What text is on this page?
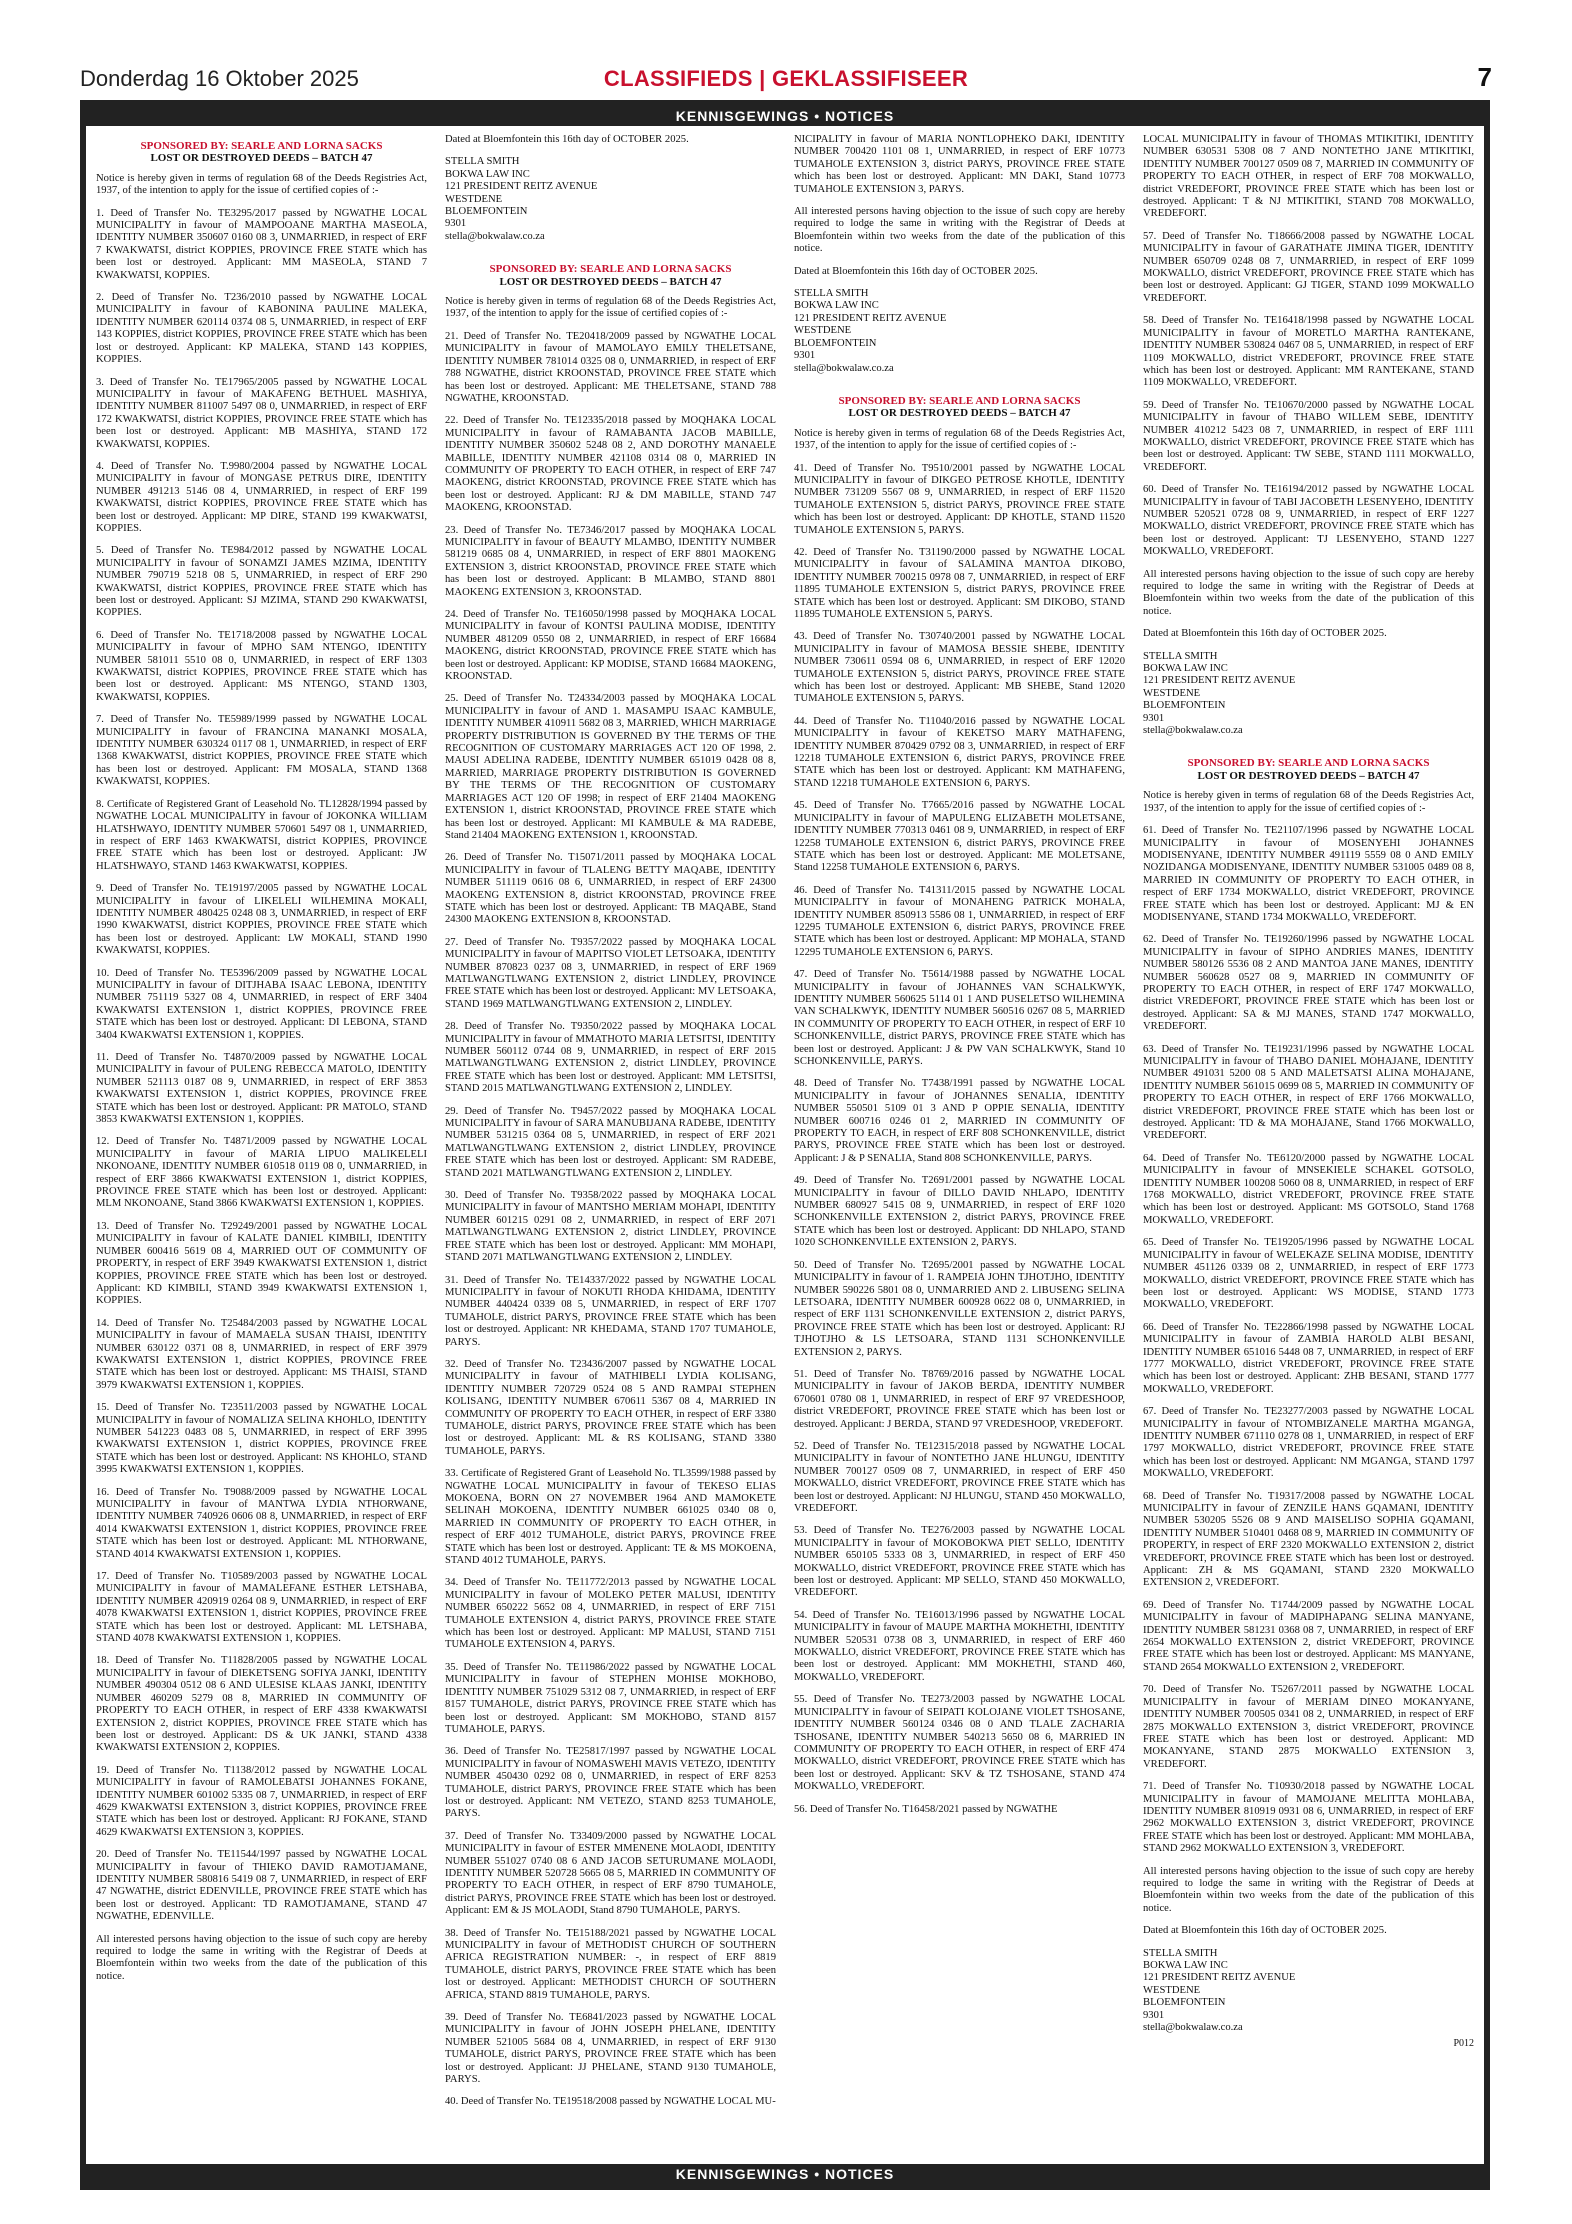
Donderdag 16 Oktober 2025	CLASSIFIEDS | GEKLASSIFISEER	7
KENNISGEWINGS • NOTICES
SPONSORED BY: SEARLE AND LORNA SACKS
LOST OR DESTROYED DEEDS – BATCH 47
Notice is hereby given in terms of regulation 68 of the Deeds Registries Act, 1937, of the intention to apply for the issue of certified copies of :-
1. Deed of Transfer No. TE3295/2017 passed by NGWATHE LOCAL MUNICIPALITY in favour of MAMPOOANE MARTHA MASEOLA, IDENTITY NUMBER 350607 0160 08 3, UNMARRIED, in respect of ERF 7 KWAKWATSI, district KOPPIES, PROVINCE FREE STATE which has been lost or destroyed. Applicant: MM MASEOLA, STAND 7 KWAKWATSI, KOPPIES.
2. Deed of Transfer No. T236/2010 passed by NGWATHE LOCAL MUNICIPALITY in favour of KABONINA PAULINE MALEKA, IDENTITY NUMBER 620114 0374 08 5, UNMARRIED, in respect of ERF 143 KOPPIES, district KOPPIES, PROVINCE FREE STATE which has been lost or destroyed. Applicant: KP MALEKA, STAND 143 KOPPIES, KOPPIES.
3. Deed of Transfer No. TE17965/2005 passed by NGWATHE LOCAL MUNICIPALITY in favour of MAKAFENG BETHUEL MASHIYA, IDENTITY NUMBER 811007 5497 08 0, UNMARRIED, in respect of ERF 172 KWAKWATSI, district KOPPIES, PROVINCE FREE STATE which has been lost or destroyed. Applicant: MB MASHIYA, STAND 172 KWAKWATSI, KOPPIES.
4. Deed of Transfer No. T.9980/2004 passed by NGWATHE LOCAL MUNICIPALITY in favour of MONGASE PETRUS DIRE, IDENTITY NUMBER 491213 5146 08 4, UNMARRIED, in respect of ERF 199 KWAKWATSI, district KOPPIES, PROVINCE FREE STATE which has been lost or destroyed. Applicant: MP DIRE, STAND 199 KWAKWATSI, KOPPIES.
5. Deed of Transfer No. TE984/2012 passed by NGWATHE LOCAL MUNICIPALITY in favour of SONAMZI JAMES MZIMA, IDENTITY NUMBER 790719 5218 08 5, UNMARRIED, in respect of ERF 290 KWAKWATSI, district KOPPIES, PROVINCE FREE STATE which has been lost or destroyed. Applicant: SJ MZIMA, STAND 290 KWAKWATSI, KOPPIES.
6. Deed of Transfer No. TE1718/2008 passed by NGWATHE LOCAL MUNICIPALITY in favour of MPHO SAM NTENGO, IDENTITY NUMBER 581011 5510 08 0, UNMARRIED, in respect of ERF 1303 KWAKWATSI, district KOPPIES, PROVINCE FREE STATE which has been lost or destroyed. Applicant: MS NTENGO, STAND 1303, KWAKWATSI, KOPPIES.
7. Deed of Transfer No. TE5989/1999 passed by NGWATHE LOCAL MUNICIPALITY in favour of FRANCINA MANANKI MOSALA, IDENTITY NUMBER 630324 0117 08 1, UNMARRIED, in respect of ERF 1368 KWAKWATSI, district KOPPIES, PROVINCE FREE STATE which has been lost or destroyed. Applicant: FM MOSALA, STAND 1368 KWAKWATSI, KOPPIES.
8. Certificate of Registered Grant of Leasehold No. TL12828/1994 passed by NGWATHE LOCAL MUNICIPALITY in favour of JOKONKA WILLIAM HLATSHWAYO, IDENTITY NUMBER 570601 5497 08 1, UNMARRIED, in respect of ERF 1463 KWAKWATSI, district KOPPIES, PROVINCE FREE STATE which has been lost or destroyed. Applicant: JW HLATSHWAYO, STAND 1463 KWAKWATSI, KOPPIES.
9. Deed of Transfer No. TE19197/2005 passed by NGWATHE LOCAL MUNICIPALITY in favour of LIKELELI WILHEMINA MOKALI, IDENTITY NUMBER 480425 0248 08 3, UNMARRIED, in respect of ERF 1990 KWAKWATSI, district KOPPIES, PROVINCE FREE STATE which has been lost or destroyed. Applicant: LW MOKALI, STAND 1990 KWAKWATSI, KOPPIES.
10. Deed of Transfer No. TE5396/2009 passed by NGWATHE LOCAL MUNICIPALITY in favour of DITJHABA ISAAC LEBONA, IDENTITY NUMBER 751119 5327 08 4, UNMARRIED, in respect of ERF 3404 KWAKWATSI EXTENSION 1, district KOPPIES, PROVINCE FREE STATE which has been lost or destroyed. Applicant: DI LEBONA, STAND 3404 KWAKWATSI EXTENSION 1, KOPPIES.
11. Deed of Transfer No. T4870/2009 passed by NGWATHE LOCAL MUNICIPALITY in favour of PULENG REBECCA MATOLO, IDENTITY NUMBER 521113 0187 08 9, UNMARRIED, in respect of ERF 3853 KWAKWATSI EXTENSION 1, district KOPPIES, PROVINCE FREE STATE which has been lost or destroyed. Applicant: PR MATOLO, STAND 3853 KWAKWATSI EXTENSION 1, KOPPIES.
12. Deed of Transfer No. T4871/2009 passed by NGWATHE LOCAL MUNICIPALITY in favour of MARIA LIPUO MALIKELELI NKONOANE, IDENTITY NUMBER 610518 0119 08 0, UNMARRIED, in respect of ERF 3866 KWAKWATSI EXTENSION 1, district KOPPIES, PROVINCE FREE STATE which has been lost or destroyed. Applicant: MLM NKONOANE, Stand 3866 KWAKWATSI EXTENSION 1, KOPPIES.
13. Deed of Transfer No. T29249/2001 passed by NGWATHE LOCAL MUNICIPALITY in favour of KALATE DANIEL KIMBILI, IDENTITY NUMBER 600416 5619 08 4, MARRIED OUT OF COMMUNITY OF PROPERTY, in respect of ERF 3949 KWAKWATSI EXTENSION 1, district KOPPIES, PROVINCE FREE STATE which has been lost or destroyed. Applicant: KD KIMBILI, STAND 3949 KWAKWATSI EXTENSION 1, KOPPIES.
14. Deed of Transfer No. T25484/2003 passed by NGWATHE LOCAL MUNICIPALITY in favour of MAMAELA SUSAN THAISI, IDENTITY NUMBER 630122 0371 08 8, UNMARRIED, in respect of ERF 3979 KWAKWATSI EXTENSION 1, district KOPPIES, PROVINCE FREE STATE which has been lost or destroyed. Applicant: MS THAISI, STAND 3979 KWAKWATSI EXTENSION 1, KOPPIES.
15. Deed of Transfer No. T23511/2003 passed by NGWATHE LOCAL MUNICIPALITY in favour of NOMALIZA SELINA KHOHLO, IDENTITY NUMBER 541223 0483 08 5, UNMARRIED, in respect of ERF 3995 KWAKWATSI EXTENSION 1, district KOPPIES, PROVINCE FREE STATE which has been lost or destroyed. Applicant: NS KHOHLO, STAND 3995 KWAKWATSI EXTENSION 1, KOPPIES.
16. Deed of Transfer No. T9088/2009 passed by NGWATHE LOCAL MUNICIPALITY in favour of MANTWA LYDIA NTHORWANE, IDENTITY NUMBER 740926 0606 08 8, UNMARRIED, in respect of ERF 4014 KWAKWATSI EXTENSION 1, district KOPPIES, PROVINCE FREE STATE which has been lost or destroyed. Applicant: ML NTHORWANE, STAND 4014 KWAKWATSI EXTENSION 1, KOPPIES.
17. Deed of Transfer No. T10589/2003 passed by NGWATHE LOCAL MUNICIPALITY in favour of MAMALEFANE ESTHER LETSHABA, IDENTITY NUMBER 420919 0264 08 9, UNMARRIED, in respect of ERF 4078 KWAKWATSI EXTENSION 1, district KOPPIES, PROVINCE FREE STATE which has been lost or destroyed. Applicant: ML LETSHABA, STAND 4078 KWAKWATSI EXTENSION 1, KOPPIES.
18. Deed of Transfer No. T11828/2005 passed by NGWATHE LOCAL MUNICIPALITY in favour of DIEKETSENG SOFIYA JANKI, IDENTITY NUMBER 490304 0512 08 6 AND ULESISE KLAAS JANKI, IDENTITY NUMBER 460209 5279 08 8, MARRIED IN COMMUNITY OF PROPERTY TO EACH OTHER, in respect of ERF 4338 KWAKWATSI EXTENSION 2, district KOPPIES, PROVINCE FREE STATE which has been lost or destroyed. Applicant: DS & UK JANKI, STAND 4338 KWAKWATSI EXTENSION 2, KOPPIES.
19. Deed of Transfer No. T1138/2012 passed by NGWATHE LOCAL MUNICIPALITY in favour of RAMOLEBATSI JOHANNES FOKANE, IDENTITY NUMBER 601002 5335 08 7, UNMARRIED, in respect of ERF 4629 KWAKWATSI EXTENSION 3, district KOPPIES, PROVINCE FREE STATE which has been lost or destroyed. Applicant: RJ FOKANE, STAND 4629 KWAKWATSI EXTENSION 3, KOPPIES.
20. Deed of Transfer No. TE11544/1997 passed by NGWATHE LOCAL MUNICIPALITY in favour of THIEKO DAVID RAMOTJAMANE, IDENTITY NUMBER 580816 5419 08 7, UNMARRIED, in respect of ERF 47 NGWATHE, district EDENVILLE, PROVINCE FREE STATE which has been lost or destroyed. Applicant: TD RAMOTJAMANE, STAND 47 NGWATHE, EDENVILLE.
All interested persons having objection to the issue of such copy are hereby required to lodge the same in writing with the Registrar of Deeds at Bloemfontein within two weeks from the date of the publication of this notice.
Dated at Bloemfontein this 16th day of OCTOBER 2025.
STELLA SMITH
BOKWA LAW INC
121 PRESIDENT REITZ AVENUE
WESTDENE
BLOEMFONTEIN
9301
stella@bokwalaw.co.za
SPONSORED BY: SEARLE AND LORNA SACKS
LOST OR DESTROYED DEEDS – BATCH 47
Notice is hereby given in terms of regulation 68 of the Deeds Registries Act, 1937, of the intention to apply for the issue of certified copies of :-
21. Deed of Transfer No. TE20418/2009 passed by NGWATHE LOCAL MUNICIPALITY in favour of MAMOLAYO EMILY THELETSANE, IDENTITY NUMBER 781014 0325 08 0, UNMARRIED, in respect of ERF 788 NGWATHE, district KROONSTAD, PROVINCE FREE STATE which has been lost or destroyed. Applicant: ME THELETSANE, STAND 788 NGWATHE, KROONSTAD.
22. Deed of Transfer No. TE12335/2018 passed by MOQHAKA LOCAL MUNICIPALITY in favour of RAMABANTA JACOB MABILLE, IDENTITY NUMBER 350602 5248 08 2, AND DOROTHY MANAELE MABILLE, IDENTITY NUMBER 421108 0314 08 0, MARRIED IN COMMUNITY OF PROPERTY TO EACH OTHER, in respect of ERF 747 MAOKENG, district KROONSTAD, PROVINCE FREE STATE which has been lost or destroyed. Applicant: RJ & DM MABILLE, STAND 747 MAOKENG, KROONSTAD.
23. Deed of Transfer No. TE7346/2017 passed by MOQHAKA LOCAL MUNICIPALITY in favour of BEAUTY MLAMBO, IDENTITY NUMBER 581219 0685 08 4, UNMARRIED, in respect of ERF 8801 MAOKENG EXTENSION 3, district KROONSTAD, PROVINCE FREE STATE which has been lost or destroyed. Applicant: B MLAMBO, STAND 8801 MAOKENG EXTENSION 3, KROONSTAD.
24. Deed of Transfer No. TE16050/1998 passed by MOQHAKA LOCAL MUNICIPALITY in favour of KONTSI PAULINA MODISE, IDENTITY NUMBER 481209 0550 08 2, UNMARRIED, in respect of ERF 16684 MAOKENG, district KROONSTAD, PROVINCE FREE STATE which has been lost or destroyed. Applicant: KP MODISE, STAND 16684 MAOKENG, KROONSTAD.
25. Deed of Transfer No. T24334/2003 passed by MOQHAKA LOCAL MUNICIPALITY in favour of AND 1. MASAMPU ISAAC KAMBULE, IDENTITY NUMBER 410911 5682 08 3, MARRIED, WHICH MARRIAGE PROPERTY DISTRIBUTION IS GOVERNED BY THE TERMS OF THE RECOGNITION OF CUSTOMARY MARRIAGES ACT 120 OF 1998, 2. MAUSI ADELINA RADEBE, IDENTITY NUMBER 651019 0428 08 8, MARRIED, MARRIAGE PROPERTY DISTRIBUTION IS GOVERNED BY THE TERMS OF THE RECOGNITION OF CUSTOMARY MARRIAGES ACT 120 OF 1998; in respect of ERF 21404 MAOKENG EXTENSION 1, district KROONSTAD, PROVINCE FREE STATE which has been lost or destroyed. Applicant: MI KAMBULE & MA RADEBE, Stand 21404 MAOKENG EXTENSION 1, KROONSTAD.
26. Deed of Transfer No. T15071/2011 passed by MOQHAKA LOCAL MUNICIPALITY in favour of TLALENG BETTY MAQABE, IDENTITY NUMBER 511119 0616 08 6, UNMARRIED, in respect of ERF 24300 MAOKENG EXTENSION 8, district KROONSTAD, PROVINCE FREE STATE which has been lost or destroyed. Applicant: TB MAQABE, Stand 24300 MAOKENG EXTENSION 8, KROONSTAD.
27. Deed of Transfer No. T9357/2022 passed by MOQHAKA LOCAL MUNICIPALITY in favour of MAPITSO VIOLET LETSOAKA, IDENTITY NUMBER 870823 0237 08 3, UNMARRIED, in respect of ERF 1969 MATLWANGTLWANG EXTENSION 2, district LINDLEY, PROVINCE FREE STATE which has been lost or destroyed. Applicant: MV LETSOAKA, STAND 1969 MATLWANGTLWANG EXTENSION 2, LINDLEY.
28. Deed of Transfer No. T9350/2022 passed by MOQHAKA LOCAL MUNICIPALITY in favour of MMATHOTO MARIA LETSITSI, IDENTITY NUMBER 560112 0744 08 9, UNMARRIED, in respect of ERF 2015 MATLWANGTLWANG EXTENSION 2, district LINDLEY, PROVINCE FREE STATE which has been lost or destroyed. Applicant: MM LETSITSI, STAND 2015 MATLWANGTLWANG EXTENSION 2, LINDLEY.
29. Deed of Transfer No. T9457/2022 passed by MOQHAKA LOCAL MUNICIPALITY in favour of SARA MANUBIJANA RADEBE, IDENTITY NUMBER 531215 0364 08 5, UNMARRIED, in respect of ERF 2021 MATLWANGTLWANG EXTENSION 2, district LINDLEY, PROVINCE FREE STATE which has been lost or destroyed. Applicant: SM RADEBE, STAND 2021 MATLWANGTLWANG EXTENSION 2, LINDLEY.
30. Deed of Transfer No. T9358/2022 passed by MOQHAKA LOCAL MUNICIPALITY in favour of MANTSHO MERIAM MOHAPI, IDENTITY NUMBER 601215 0291 08 2, UNMARRIED, in respect of ERF 2071 MATLWANGTLWANG EXTENSION 2, district LINDLEY, PROVINCE FREE STATE which has been lost or destroyed. Applicant: MM MOHAPI, STAND 2071 MATLWANGTLWANG EXTENSION 2, LINDLEY.
31. Deed of Transfer No. TE14337/2022 passed by NGWATHE LOCAL MUNICIPALITY in favour of NOKUTI RHODA KHIDAMA, IDENTITY NUMBER 440424 0339 08 5, UNMARRIED, in respect of ERF 1707 TUMAHOLE, district PARYS, PROVINCE FREE STATE which has been lost or destroyed. Applicant: NR KHEDAMA, STAND 1707 TUMAHOLE, PARYS.
32. Deed of Transfer No. T23436/2007 passed by NGWATHE LOCAL MUNICIPALITY in favour of MATHIBELI LYDIA KOLISANG, IDENTITY NUMBER 720729 0524 08 5 AND RAMPAI STEPHEN KOLISANG, IDENTITY NUMBER 670611 5367 08 4, MARRIED IN COMMUNITY OF PROPERTY TO EACH OTHER, in respect of ERF 3380 TUMAHOLE, district PARYS, PROVINCE FREE STATE which has been lost or destroyed. Applicant: ML & RS KOLISANG, STAND 3380 TUMAHOLE, PARYS.
33. Certificate of Registered Grant of Leasehold No. TL3599/1988 passed by NGWATHE LOCAL MUNICIPALITY in favour of TEKESO ELIAS MOKOENA, BORN ON 27 NOVEMBER 1964 AND MAMOKETE SELINAH MOKOENA, IDENTITY NUMBER 661025 0340 08 0, MARRIED IN COMMUNITY OF PROPERTY TO EACH OTHER, in respect of ERF 4012 TUMAHOLE, district PARYS, PROVINCE FREE STATE which has been lost or destroyed. Applicant: TE & MS MOKOENA, STAND 4012 TUMAHOLE, PARYS.
34. Deed of Transfer No. TE11772/2013 passed by NGWATHE LOCAL MUNICIPALITY in favour of MOLEKO PETER MALUSI, IDENTITY NUMBER 650222 5652 08 4, UNMARRIED, in respect of ERF 7151 TUMAHOLE EXTENSION 4, district PARYS, PROVINCE FREE STATE which has been lost or destroyed. Applicant: MP MALUSI, STAND 7151 TUMAHOLE EXTENSION 4, PARYS.
35. Deed of Transfer No. TE11986/2022 passed by NGWATHE LOCAL MUNICIPALITY in favour of STEPHEN MOHISE MOKHOBO, IDENTITY NUMBER 751029 5312 08 7, UNMARRIED, in respect of ERF 8157 TUMAHOLE, district PARYS, PROVINCE FREE STATE which has been lost or destroyed. Applicant: SM MOKHOBO, STAND 8157 TUMAHOLE, PARYS.
36. Deed of Transfer No. TE25817/1997 passed by NGWATHE LOCAL MUNICIPALITY in favour of NOMASWEHI MAVIS VETEZO, IDENTITY NUMBER 450430 0292 08 0, UNMARRIED, in respect of ERF 8253 TUMAHOLE, district PARYS, PROVINCE FREE STATE which has been lost or destroyed. Applicant: NM VETEZO, STAND 8253 TUMAHOLE, PARYS.
37. Deed of Transfer No. T33409/2000 passed by NGWATHE LOCAL MUNICIPALITY in favour of ESTER MMENENE MOLAODI, IDENTITY NUMBER 551027 0740 08 6 AND JACOB SETURUMANE MOLAODI, IDENTITY NUMBER 520728 5665 08 5, MARRIED IN COMMUNITY OF PROPERTY TO EACH OTHER, in respect of ERF 8790 TUMAHOLE, district PARYS, PROVINCE FREE STATE which has been lost or destroyed. Applicant: EM & JS MOLAODI, Stand 8790 TUMAHOLE, PARYS.
38. Deed of Transfer No. TE15188/2021 passed by NGWATHE LOCAL MUNICIPALITY in favour of METHODIST CHURCH OF SOUTHERN AFRICA REGISTRATION NUMBER: -, in respect of ERF 8819 TUMAHOLE, district PARYS, PROVINCE FREE STATE which has been lost or destroyed. Applicant: METHODIST CHURCH OF SOUTHERN AFRICA, STAND 8819 TUMAHOLE, PARYS.
39. Deed of Transfer No. TE6841/2023 passed by NGWATHE LOCAL MUNICIPALITY in favour of JOHN JOSEPH PHELANE, IDENTITY NUMBER 521005 5684 08 4, UNMARRIED, in respect of ERF 9130 TUMAHOLE, district PARYS, PROVINCE FREE STATE which has been lost or destroyed. Applicant: JJ PHELANE, STAND 9130 TUMAHOLE, PARYS.
40. Deed of Transfer No. TE19518/2008 passed by NGWATHE LOCAL MU-
NICIPALITY in favour of MARIA NONTLOPHEKO DAKI, IDENTITY NUMBER 700420 1101 08 1, UNMARRIED, in respect of ERF 10773 TUMAHOLE EXTENSION 3, district PARYS, PROVINCE FREE STATE which has been lost or destroyed. Applicant: MN DAKI, Stand 10773 TUMAHOLE EXTENSION 3, PARYS.
All interested persons having objection to the issue of such copy are hereby required to lodge the same in writing with the Registrar of Deeds at Bloemfontein within two weeks from the date of the publication of this notice.
Dated at Bloemfontein this 16th day of OCTOBER 2025.
STELLA SMITH
BOKWA LAW INC
121 PRESIDENT REITZ AVENUE
WESTDENE
BLOEMFONTEIN
9301
stella@bokwalaw.co.za
SPONSORED BY: SEARLE AND LORNA SACKS
LOST OR DESTROYED DEEDS – BATCH 47
Notice is hereby given in terms of regulation 68 of the Deeds Registries Act, 1937, of the intention to apply for the issue of certified copies of :-
41. Deed of Transfer No. T9510/2001 passed by NGWATHE LOCAL MUNICIPALITY in favour of DIKGEO PETROSE KHOTLE, IDENTITY NUMBER 731209 5567 08 9, UNMARRIED, in respect of ERF 11520 TUMAHOLE EXTENSION 5, district PARYS, PROVINCE FREE STATE which has been lost or destroyed. Applicant: DP KHOTLE, STAND 11520 TUMAHOLE EXTENSION 5, PARYS.
42. Deed of Transfer No. T31190/2000 passed by NGWATHE LOCAL MUNICIPALITY in favour of SALAMINA MANTOA DIKOBO, IDENTITY NUMBER 700215 0978 08 7, UNMARRIED, in respect of ERF 11895 TUMAHOLE EXTENSION 5, district PARYS, PROVINCE FREE STATE which has been lost or destroyed. Applicant: SM DIKOBO, STAND 11895 TUMAHOLE EXTENSION 5, PARYS.
43. Deed of Transfer No. T30740/2001 passed by NGWATHE LOCAL MUNICIPALITY in favour of MAMOSA BESSIE SHEBE, IDENTITY NUMBER 730611 0594 08 6, UNMARRIED, in respect of ERF 12020 TUMAHOLE EXTENSION 5, district PARYS, PROVINCE FREE STATE which has been lost or destroyed. Applicant: MB SHEBE, Stand 12020 TUMAHOLE EXTENSION 5, PARYS.
44. Deed of Transfer No. T11040/2016 passed by NGWATHE LOCAL MUNICIPALITY in favour of KEKETSO MARY MATHAFENG, IDENTITY NUMBER 870429 0792 08 3, UNMARRIED, in respect of ERF 12218 TUMAHOLE EXTENSION 6, district PARYS, PROVINCE FREE STATE which has been lost or destroyed. Applicant: KM MATHAFENG, STAND 12218 TUMAHOLE EXTENSION 6, PARYS.
45. Deed of Transfer No. T7665/2016 passed by NGWATHE LOCAL MUNICIPALITY in favour of MAPULENG ELIZABETH MOLETSANE, IDENTITY NUMBER 770313 0461 08 9, UNMARRIED, in respect of ERF 12258 TUMAHOLE EXTENSION 6, district PARYS, PROVINCE FREE STATE which has been lost or destroyed. Applicant: ME MOLETSANE, Stand 12258 TUMAHOLE EXTENSION 6, PARYS.
46. Deed of Transfer No. T41311/2015 passed by NGWATHE LOCAL MUNICIPALITY in favour of MONAHENG PATRICK MOHALA, IDENTITY NUMBER 850913 5586 08 1, UNMARRIED, in respect of ERF 12295 TUMAHOLE EXTENSION 6, district PARYS, PROVINCE FREE STATE which has been lost or destroyed. Applicant: MP MOHALA, STAND 12295 TUMAHOLE EXTENSION 6, PARYS.
47. Deed of Transfer No. T5614/1988 passed by NGWATHE LOCAL MUNICIPALITY in favour of JOHANNES VAN SCHALKWYK, IDENTITY NUMBER 560625 5114 01 1 AND PUSELETSO WILHEMINA VAN SCHALKWYK, IDENTITY NUMBER 560516 0267 08 5, MARRIED IN COMMUNITY OF PROPERTY TO EACH OTHER, in respect of ERF 10 SCHONKENVILLE, district PARYS, PROVINCE FREE STATE which has been lost or destroyed. Applicant: J & PW VAN SCHALKWYK, Stand 10 SCHONKENVILLE, PARYS.
48. Deed of Transfer No. T7438/1991 passed by NGWATHE LOCAL MUNICIPALITY in favour of JOHANNES SENALIA, IDENTITY NUMBER 550501 5109 01 3 AND P OPPIE SENALIA, IDENTITY NUMBER 600716 0246 01 2, MARRIED IN COMMUNITY OF PROPERTY TO EACH, in respect of ERF 808 SCHONKENVILLE, district PARYS, PROVINCE FREE STATE which has been lost or destroyed. Applicant: J & P SENALIA, Stand 808 SCHONKENVILLE, PARYS.
49. Deed of Transfer No. T2691/2001 passed by NGWATHE LOCAL MUNICIPALITY in favour of DILLO DAVID NHLAPO, IDENTITY NUMBER 680927 5415 08 9, UNMARRIED, in respect of ERF 1020 SCHONKENVILLE EXTENSION 2, district PARYS, PROVINCE FREE STATE which has been lost or destroyed. Applicant: DD NHLAPO, STAND 1020 SCHONKENVILLE EXTENSION 2, PARYS.
50. Deed of Transfer No. T2695/2001 passed by NGWATHE LOCAL MUNICIPALITY in favour of 1. RAMPEIA JOHN TJHOTJHO, IDENTITY NUMBER 590226 5801 08 0, UNMARRIED AND 2. LIBUSENG SELINA LETSOARA, IDENTITY NUMBER 600928 0622 08 0, UNMARRIED, in respect of ERF 1131 SCHONKENVILLE EXTENSION 2, district PARYS, PROVINCE FREE STATE which has been lost or destroyed. Applicant: RJ TJHOTJHO & LS LETSOARA, STAND 1131 SCHONKENVILLE EXTENSION 2, PARYS.
51. Deed of Transfer No. T8769/2016 passed by NGWATHE LOCAL MUNICIPALITY in favour of JAKOB BERDA, IDENTITY NUMBER 670601 0780 08 1, UNMARRIED, in respect of ERF 97 VREDESHOOP, district VREDEFORT, PROVINCE FREE STATE which has been lost or destroyed. Applicant: J BERDA, STAND 97 VREDESHOOP, VREDEFORT.
52. Deed of Transfer No. TE12315/2018 passed by NGWATHE LOCAL MUNICIPALITY in favour of NONTETHO JANE HLUNGU, IDENTITY NUMBER 700127 0509 08 7, UNMARRIED, in respect of ERF 450 MOKWALLO, district VREDEFORT, PROVINCE FREE STATE which has been lost or destroyed. Applicant: NJ HLUNGU, STAND 450 MOKWALLO, VREDEFORT.
53. Deed of Transfer No. TE276/2003 passed by NGWATHE LOCAL MUNICIPALITY in favour of MOKOBOKWA PIET SELLO, IDENTITY NUMBER 650105 5333 08 3, UNMARRIED, in respect of ERF 450 MOKWALLO, district VREDEFORT, PROVINCE FREE STATE which has been lost or destroyed. Applicant: MP SELLO, STAND 450 MOKWALLO, VREDEFORT.
54. Deed of Transfer No. TE16013/1996 passed by NGWATHE LOCAL MUNICIPALITY in favour of MAUPE MARTHA MOKHETHI, IDENTITY NUMBER 520531 0738 08 3, UNMARRIED, in respect of ERF 460 MOKWALLO, district VREDEFORT, PROVINCE FREE STATE which has been lost or destroyed. Applicant: MM MOKHETHI, STAND 460, MOKWALLO, VREDEFORT.
55. Deed of Transfer No. TE273/2003 passed by NGWATHE LOCAL MUNICIPALITY in favour of SEIPATI KOLOJANE VIOLET TSHOSANE, IDENTITY NUMBER 560124 0346 08 0 AND TLALE ZACHARIA TSHOSANE, IDENTITY NUMBER 540213 5650 08 6, MARRIED IN COMMUNITY OF PROPERTY TO EACH OTHER, in respect of ERF 474 MOKWALLO, district VREDEFORT, PROVINCE FREE STATE which has been lost or destroyed. Applicant: SKV & TZ TSHOSANE, STAND 474 MOKWALLO, VREDEFORT.
56. Deed of Transfer No. T16458/2021 passed by NGWATHE
LOCAL MUNICIPALITY in favour of THOMAS MTIKITIKI, IDENTITY NUMBER 630531 5308 08 7 AND NONTETHO JANE MTIKITIKI, IDENTITY NUMBER 700127 0509 08 7, MARRIED IN COMMUNITY OF PROPERTY TO EACH OTHER, in respect of ERF 708 MOKWALLO, district VREDEFORT, PROVINCE FREE STATE which has been lost or destroyed. Applicant: T & NJ MTIKITIKI, STAND 708 MOKWALLO, VREDEFORT.
57. Deed of Transfer No. T18666/2008 passed by NGWATHE LOCAL MUNICIPALITY in favour of GARATHATE JIMINA TIGER, IDENTITY NUMBER 650709 0248 08 7, UNMARRIED, in respect of ERF 1099 MOKWALLO, district VREDEFORT, PROVINCE FREE STATE which has been lost or destroyed. Applicant: GJ TIGER, STAND 1099 MOKWALLO VREDEFORT.
58. Deed of Transfer No. TE16418/1998 passed by NGWATHE LOCAL MUNICIPALITY in favour of MORETLO MARTHA RANTEKANE, IDENTITY NUMBER 530824 0467 08 5, UNMARRIED, in respect of ERF 1109 MOKWALLO, district VREDEFORT, PROVINCE FREE STATE which has been lost or destroyed. Applicant: MM RANTEKANE, STAND 1109 MOKWALLO, VREDEFORT.
59. Deed of Transfer No. TE10670/2000 passed by NGWATHE LOCAL MUNICIPALITY in favour of THABO WILLEM SEBE, IDENTITY NUMBER 410212 5423 08 7, UNMARRIED, in respect of ERF 1111 MOKWALLO, district VREDEFORT, PROVINCE FREE STATE which has been lost or destroyed. Applicant: TW SEBE, STAND 1111 MOKWALLO, VREDEFORT.
60. Deed of Transfer No. TE16194/2012 passed by NGWATHE LOCAL MUNICIPALITY in favour of TABI JACOBETH LESENYEHO, IDENTITY NUMBER 520521 0728 08 9, UNMARRIED, in respect of ERF 1227 MOKWALLO, district VREDEFORT, PROVINCE FREE STATE which has been lost or destroyed. Applicant: TJ LESENYEHO, STAND 1227 MOKWALLO, VREDEFORT.
All interested persons having objection to the issue of such copy are hereby required to lodge the same in writing with the Registrar of Deeds at Bloemfontein within two weeks from the date of the publication of this notice.
Dated at Bloemfontein this 16th day of OCTOBER 2025.
STELLA SMITH
BOKWA LAW INC
121 PRESIDENT REITZ AVENUE
WESTDENE
BLOEMFONTEIN
9301
stella@bokwalaw.co.za
SPONSORED BY: SEARLE AND LORNA SACKS
LOST OR DESTROYED DEEDS – BATCH 47
Notice is hereby given in terms of regulation 68 of the Deeds Registries Act, 1937, of the intention to apply for the issue of certified copies of :-
61. Deed of Transfer No. TE21107/1996 passed by NGWATHE LOCAL MUNICIPALITY in favour of MOSENYEHI JOHANNES MODISENYANE, IDENTITY NUMBER 491119 5559 08 0 AND EMILY NOZIDANGA MODISENYANE, IDENTITY NUMBER 531005 0489 08 8, MARRIED IN COMMUNITY OF PROPERTY TO EACH OTHER, in respect of ERF 1734 MOKWALLO, district VREDEFORT, PROVINCE FREE STATE which has been lost or destroyed. Applicant: MJ & EN MODISENYANE, STAND 1734 MOKWALLO, VREDEFORT.
62. Deed of Transfer No. TE19260/1996 passed by NGWATHE LOCAL MUNICIPALITY in favour of SIPHO ANDRIES MANES, IDENTITY NUMBER 580126 5536 08 2 AND MANTOA JANE MANES, IDENTITY NUMBER 560628 0527 08 9, MARRIED IN COMMUNITY OF PROPERTY TO EACH OTHER, in respect of ERF 1747 MOKWALLO, district VREDEFORT, PROVINCE FREE STATE which has been lost or destroyed. Applicant: SA & MJ MANES, STAND 1747 MOKWALLO, VREDEFORT.
63. Deed of Transfer No. TE19231/1996 passed by NGWATHE LOCAL MUNICIPALITY in favour of THABO DANIEL MOHAJANE, IDENTITY NUMBER 491031 5200 08 5 AND MALETSATSI ALINA MOHAJANE, IDENTITY NUMBER 561015 0699 08 5, MARRIED IN COMMUNITY OF PROPERTY TO EACH OTHER, in respect of ERF 1766 MOKWALLO, district VREDEFORT, PROVINCE FREE STATE which has been lost or destroyed. Applicant: TD & MA MOHAJANE, Stand 1766 MOKWALLO, VREDEFORT.
64. Deed of Transfer No. TE6120/2000 passed by NGWATHE LOCAL MUNICIPALITY in favour of MNSEKIELE SCHAKEL GOTSOLO, IDENTITY NUMBER 100208 5060 08 8, UNMARRIED, in respect of ERF 1768 MOKWALLO, district VREDEFORT, PROVINCE FREE STATE which has been lost or destroyed. Applicant: MS GOTSOLO, Stand 1768 MOKWALLO, VREDEFORT.
65. Deed of Transfer No. TE19205/1996 passed by NGWATHE LOCAL MUNICIPALITY in favour of WELEKAZE SELINA MODISE, IDENTITY NUMBER 451126 0339 08 2, UNMARRIED, in respect of ERF 1773 MOKWALLO, district VREDEFORT, PROVINCE FREE STATE which has been lost or destroyed. Applicant: WS MODISE, STAND 1773 MOKWALLO, VREDEFORT.
66. Deed of Transfer No. TE22866/1998 passed by NGWATHE LOCAL MUNICIPALITY in favour of ZAMBIA HAROLD ALBI BESANI, IDENTITY NUMBER 651016 5448 08 7, UNMARRIED, in respect of ERF 1777 MOKWALLO, district VREDEFORT, PROVINCE FREE STATE which has been lost or destroyed. Applicant: ZHB BESANI, STAND 1777 MOKWALLO, VREDEFORT.
67. Deed of Transfer No. TE23277/2003 passed by NGWATHE LOCAL MUNICIPALITY in favour of NTOMBIZANELE MARTHA MGANGA, IDENTITY NUMBER 671110 0278 08 1, UNMARRIED, in respect of ERF 1797 MOKWALLO, district VREDEFORT, PROVINCE FREE STATE which has been lost or destroyed. Applicant: NM MGANGA, STAND 1797 MOKWALLO, VREDEFORT.
68. Deed of Transfer No. T19317/2008 passed by NGWATHE LOCAL MUNICIPALITY in favour of ZENZILE HANS GQAMANI, IDENTITY NUMBER 530205 5526 08 9 AND MAISELISO SOPHIA GQAMANI, IDENTITY NUMBER 510401 0468 08 9, MARRIED IN COMMUNITY OF PROPERTY, in respect of ERF 2320 MOKWALLO EXTENSION 2, district VREDEFORT, PROVINCE FREE STATE which has been lost or destroyed. Applicant: ZH & MS GQAMANI, STAND 2320 MOKWALLO EXTENSION 2, VREDEFORT.
69. Deed of Transfer No. T1744/2009 passed by NGWATHE LOCAL MUNICIPALITY in favour of MADIPHAPANG SELINA MANYANE, IDENTITY NUMBER 581231 0368 08 7, UNMARRIED, in respect of ERF 2654 MOKWALLO EXTENSION 2, district VREDEFORT, PROVINCE FREE STATE which has been lost or destroyed. Applicant: MS MANYANE, STAND 2654 MOKWALLO EXTENSION 2, VREDEFORT.
70. Deed of Transfer No. T5267/2011 passed by NGWATHE LOCAL MUNICIPALITY in favour of MERIAM DINEO MOKANYANE, IDENTITY NUMBER 700505 0341 08 2, UNMARRIED, in respect of ERF 2875 MOKWALLO EXTENSION 3, district VREDEFORT, PROVINCE FREE STATE which has been lost or destroyed. Applicant: MD MOKANYANE, STAND 2875 MOKWALLO EXTENSION 3, VREDEFORT.
71. Deed of Transfer No. T10930/2018 passed by NGWATHE LOCAL MUNICIPALITY in favour of MAMOJANE MELITTA MOHLABA, IDENTITY NUMBER 810919 0931 08 6, UNMARRIED, in respect of ERF 2962 MOKWALLO EXTENSION 3, district VREDEFORT, PROVINCE FREE STATE which has been lost or destroyed. Applicant: MM MOHLABA, STAND 2962 MOKWALLO EXTENSION 3, VREDEFORT.
All interested persons having objection to the issue of such copy are hereby required to lodge the same in writing with the Registrar of Deeds at Bloemfontein within two weeks from the date of the publication of this notice.
Dated at Bloemfontein this 16th day of OCTOBER 2025.
STELLA SMITH
BOKWA LAW INC
121 PRESIDENT REITZ AVENUE
WESTDENE
BLOEMFONTEIN
9301
stella@bokwalaw.co.za
P012
KENNISGEWINGS • NOTICES
